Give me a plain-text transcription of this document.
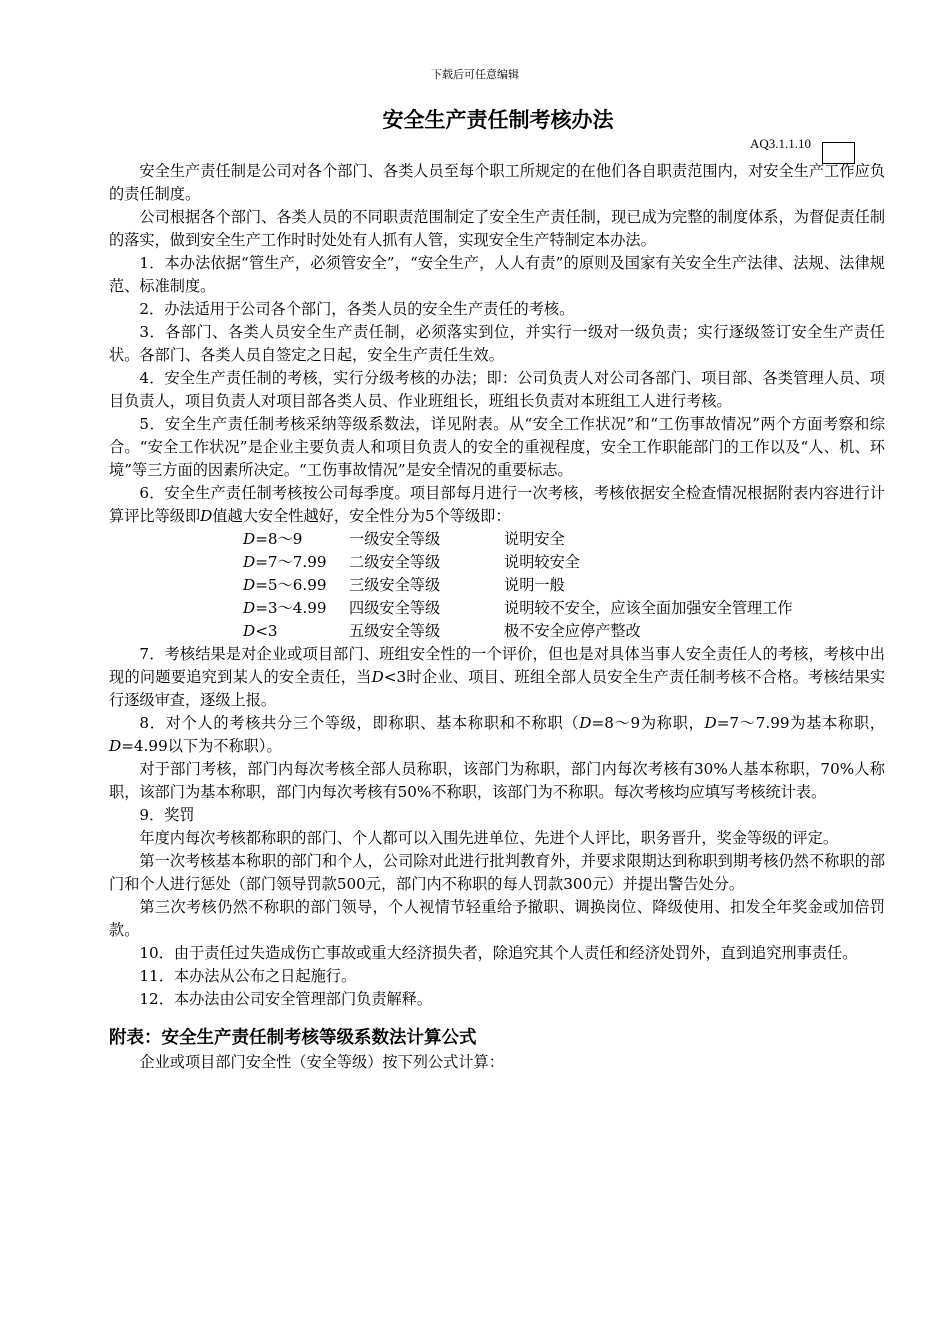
下载后可任意编辑
安全生产责任制考核办法
AQ3.1.1.10

安全生产责任制是公司对各个部门、各类人员至每个职工所规定的在他们各自职责范围内，对安全生产工作应负的责任制度。

公司根据各个部门、各类人员的不同职责范围制定了安全生产责任制，现已成为完整的制度体系，为督促责任制的落实，做到安全生产工作时时处处有人抓有人管，实现安全生产特制定本办法。

1．本办法依据“管生产，必须管安全”，“安全生产，人人有责”的原则及国家有关安全生产法律、法规、法律规范、标准制度。

2．办法适用于公司各个部门，各类人员的安全生产责任的考核。

3．各部门、各类人员安全生产责任制，必须落实到位，并实行一级对一级负责；实行逐级签订安全生产责任状。各部门、各类人员自签定之日起，安全生产责任生效。

4．安全生产责任制的考核，实行分级考核的办法；即：公司负责人对公司各部门、项目部、各类管理人员、项目负责人，项目负责人对项目部各类人员、作业班组长，班组长负责对本班组工人进行考核。

5．安全生产责任制考核采纳等级系数法，详见附表。从“安全工作状况”和“工伤事故情况”两个方面考察和综合。“安全工作状况”是企业主要负责人和项目负责人的安全的重视程度，安全工作职能部门的工作以及“人、机、环境”等三方面的因素所决定。“工伤事故情况”是安全情况的重要标志。

6．安全生产责任制考核按公司每季度。项目部每月进行一次考核，考核依据安全检查情况根据附表内容进行计算评比等级即D值越大安全性越好，安全性分为5个等级即：

D=8～9	一级安全等级	说明安全
D=7～7.99	二级安全等级	说明较安全
D=5～6.99	三级安全等级	说明一般
D=3～4.99	四级安全等级	说明较不安全，应该全面加强安全管理工作
D<3	五级安全等级	极不安全应停产整改

7．考核结果是对企业或项目部门、班组安全性的一个评价，但也是对具体当事人安全责任人的考核，考核中出现的问题要追究到某人的安全责任，当D<3时企业、项目、班组全部人员安全生产责任制考核不合格。考核结果实行逐级审查，逐级上报。

8．对个人的考核共分三个等级，即称职、基本称职和不称职（D=8～9为称职，D=7～7.99为基本称职，D=4.99以下为不称职）。

对于部门考核，部门内每次考核全部人员称职，该部门为称职，部门内每次考核有30%人基本称职，70%人称职，该部门为基本称职，部门内每次考核有50%不称职，该部门为不称职。每次考核均应填写考核统计表。

9．奖罚

年度内每次考核都称职的部门、个人都可以入围先进单位、先进个人评比，职务晋升，奖金等级的评定。

第一次考核基本称职的部门和个人，公司除对此进行批判教育外，并要求限期达到称职到期考核仍然不称职的部门和个人进行惩处（部门领导罚款500元，部门内不称职的每人罚款300元）并提出警告处分。

第三次考核仍然不称职的部门领导，个人视情节轻重给予撤职、调换岗位、降级使用、扣发全年奖金或加倍罚款。

10．由于责任过失造成伤亡事故或重大经济损失者，除追究其个人责任和经济处罚外，直到追究刑事责任。

11．本办法从公布之日起施行。

12．本办法由公司安全管理部门负责解释。

附表：安全生产责任制考核等级系数法计算公式

企业或项目部门安全性（安全等级）按下列公式计算：
